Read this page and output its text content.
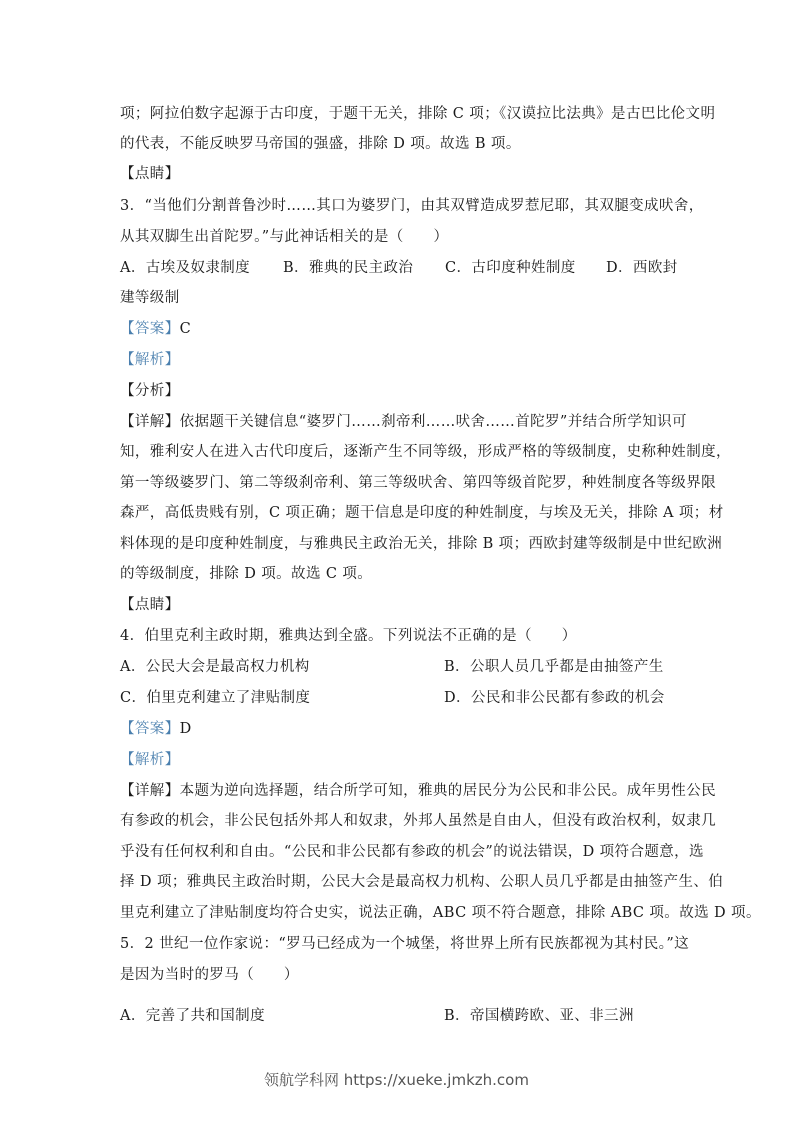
项；阿拉伯数字起源于古印度，于题干无关，排除 C 项；《汉谟拉比法典》是古巴比伦文明
的代表，不能反映罗马帝国的强盛，排除 D 项。故选 B 项。
【点睛】
3．“当他们分割普鲁沙时……其口为婆罗门，由其双臂造成罗惹尼耶，其双腿变成吠舍，
从其双脚生出首陀罗。”与此神话相关的是（　　）
A．古埃及奴隶制度 B．雅典的民主政治 C．古印度种姓制度 D．西欧封
建等级制
【答案】C
【解析】
【分析】
【详解】依据题干关键信息“婆罗门……刹帝利……吠舍……首陀罗”并结合所学知识可
知，雅利安人在进入古代印度后，逐渐产生不同等级，形成严格的等级制度，史称种姓制度，
第一等级婆罗门、第二等级刹帝利、第三等级吠舍、第四等级首陀罗，种姓制度各等级界限
森严，高低贵贱有别，C 项正确；题干信息是印度的种姓制度，与埃及无关，排除 A 项；材
料体现的是印度种姓制度，与雅典民主政治无关，排除 B 项；西欧封建等级制是中世纪欧洲
的等级制度，排除 D 项。故选 C 项。
【点睛】
4．伯里克利主政时期，雅典达到全盛。下列说法不正确的是（　　）
A．公民大会是最高权力机构	B．公职人员几乎都是由抽签产生
C．伯里克利建立了津贴制度	D．公民和非公民都有参政的机会
【答案】D
【解析】
【详解】本题为逆向选择题，结合所学可知，雅典的居民分为公民和非公民。成年男性公民
有参政的机会，非公民包括外邦人和奴隶，外邦人虽然是自由人，但没有政治权利，奴隶几
乎没有任何权利和自由。“公民和非公民都有参政的机会”的说法错误，D 项符合题意，选
择 D 项；雅典民主政治时期，公民大会是最高权力机构、公职人员几乎都是由抽签产生、伯
里克利建立了津贴制度均符合史实，说法正确，ABC 项不符合题意，排除 ABC 项。故选 D 项。
5．2 世纪一位作家说：“罗马已经成为一个城堡，将世界上所有民族都视为其村民。”这
是因为当时的罗马（　　）
A．完善了共和国制度	B．帝国横跨欧、亚、非三洲
领航学科网 https://xueke.jmkzh.com
